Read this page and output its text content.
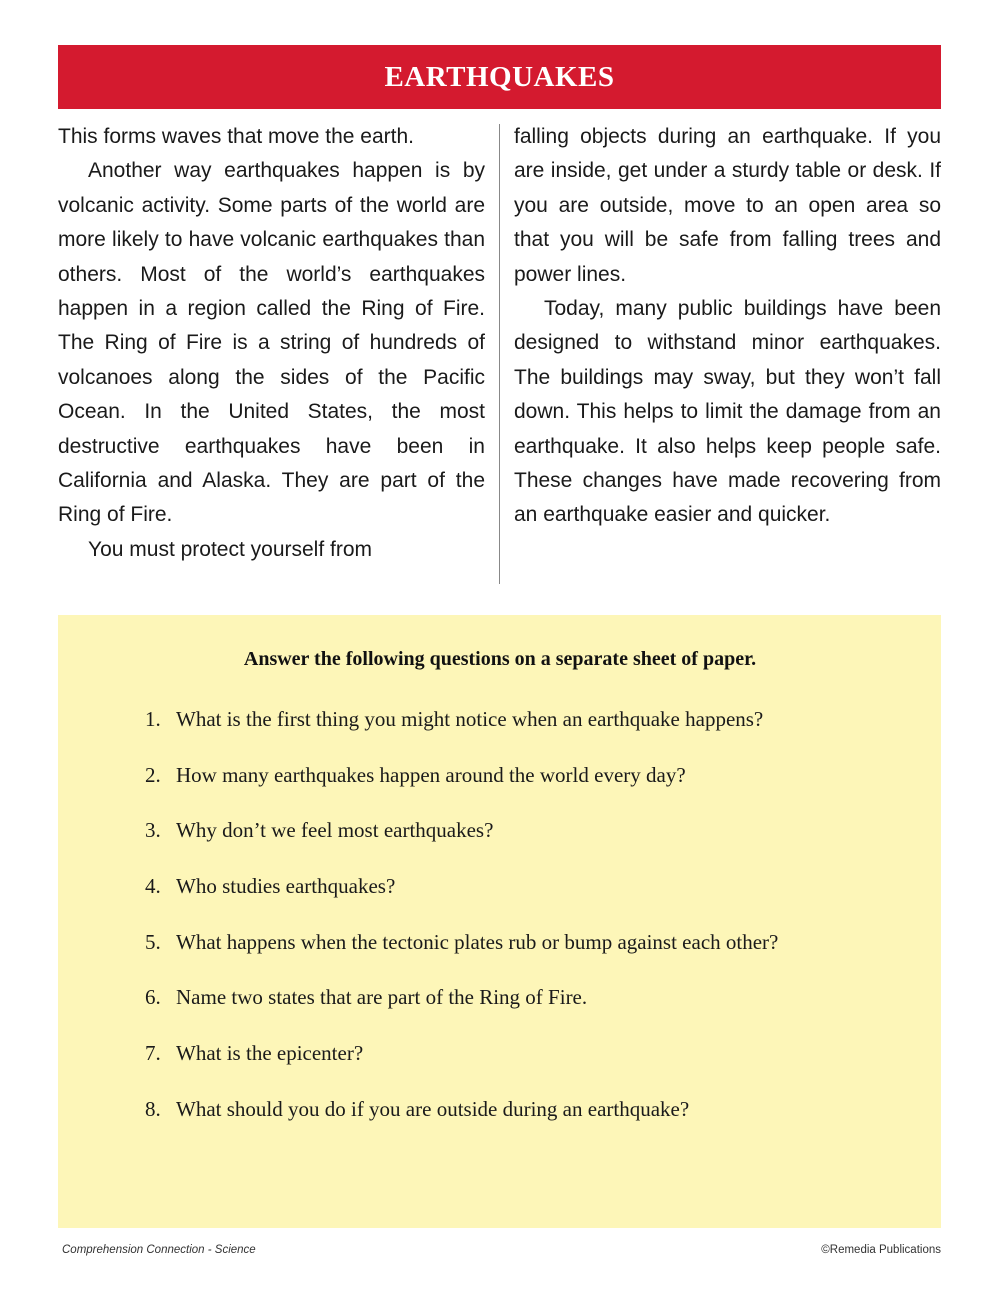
EARTHQUAKES

This forms waves that move the earth.

Another way earthquakes happen is by volcanic activity. Some parts of the world are more likely to have volcanic earthquakes than others. Most of the world’s earthquakes happen in a region called the Ring of Fire. The Ring of Fire is a string of hundreds of volcanoes along the sides of the Pacific Ocean. In the United States, the most destructive earthquakes have been in California and Alaska. They are part of the Ring of Fire.

You must protect yourself from

falling objects during an earthquake. If you are inside, get under a sturdy table or desk. If you are outside, move to an open area so that you will be safe from falling trees and power lines.

Today, many public buildings have been designed to withstand minor earthquakes. The buildings may sway, but they won’t fall down. This helps to limit the damage from an earthquake. It also helps keep people safe. These changes have made recovering from an earthquake easier and quicker.

Answer the following questions on a separate sheet of paper.

1. What is the first thing you might notice when an earthquake happens?
2. How many earthquakes happen around the world every day?
3. Why don’t we feel most earthquakes?
4. Who studies earthquakes?
5. What happens when the tectonic plates rub or bump against each other?
6. Name two states that are part of the Ring of Fire.
7. What is the epicenter?
8. What should you do if you are outside during an earthquake?
Comprehension Connection - Science	©Remedia Publications
